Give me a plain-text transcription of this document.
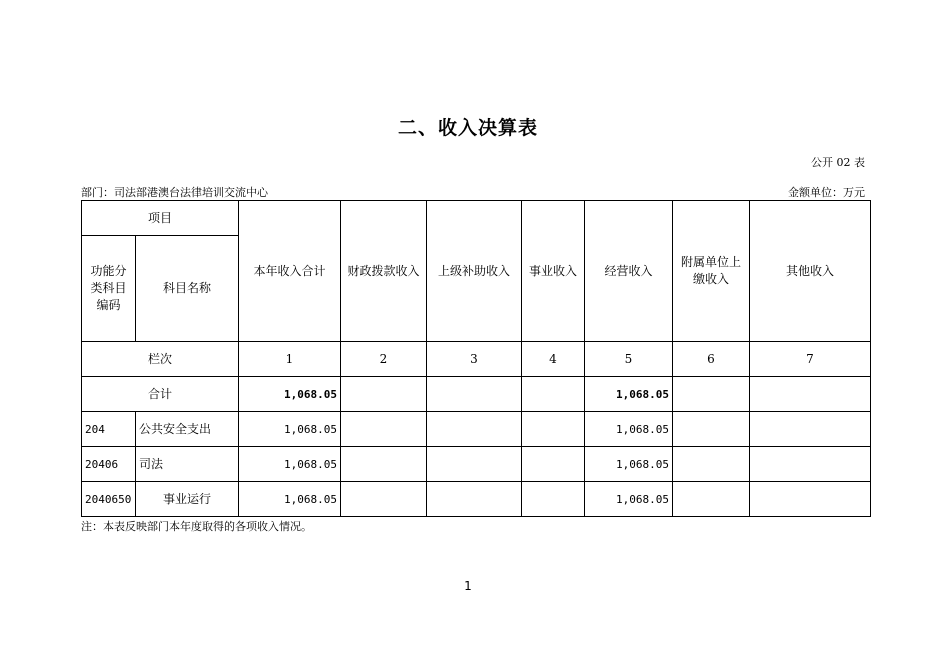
二、收入决算表
公开 02 表
部门：司法部港澳台法律培训交流中心	金额单位：万元
项目		本年收入合计	财政拨款收入	上级补助收入	事业收入	经营收入	附属单位上缴收入	其他收入
功能分类科目编码	科目名称							
栏次		1	2	3	4	5	6	7
合计		1,068.05				1,068.05		
204	公共安全支出	1,068.05				1,068.05		
20406	司法	1,068.05				1,068.05		
2040650	事业运行	1,068.05				1,068.05		
注：本表反映部门本年度取得的各项收入情况。
1
